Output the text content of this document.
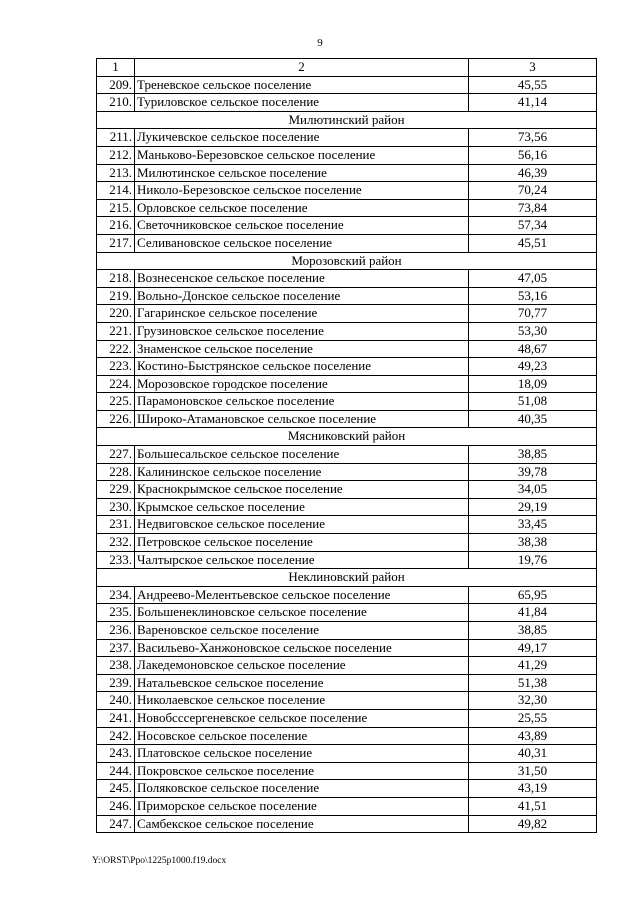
9
1	2	3
209.	Треневское сельское поселение	45,55
210.	Туриловское сельское поселение	41,14
Милютинский район		
211.	Лукичевское сельское поселение	73,56
212.	Маньково-Березовское сельское поселение	56,16
213.	Милютинское сельское поселение	46,39
214.	Николо-Березовское сельское поселение	70,24
215.	Орловское сельское поселение	73,84
216.	Светочниковское сельское поселение	57,34
217.	Селивановское сельское поселение	45,51
Морозовский район		
218.	Вознесенское сельское поселение	47,05
219.	Вольно-Донское сельское поселение	53,16
220.	Гагаринское сельское поселение	70,77
221.	Грузиновское сельское поселение	53,30
222.	Знаменское сельское поселение	48,67
223.	Костино-Быстрянское сельское поселение	49,23
224.	Морозовское городское поселение	18,09
225.	Парамоновское сельское поселение	51,08
226.	Широко-Атамановское сельское поселение	40,35
Мясниковский район		
227.	Большесальское сельское поселение	38,85
228.	Калининское сельское поселение	39,78
229.	Краснокрымское сельское поселение	34,05
230.	Крымское сельское поселение	29,19
231.	Недвиговское сельское поселение	33,45
232.	Петровское сельское поселение	38,38
233.	Чалтырское сельское поселение	19,76
Неклиновский район		
234.	Андреево-Мелентьевское сельское поселение	65,95
235.	Большенеклиновское сельское поселение	41,84
236.	Вареновское сельское поселение	38,85
237.	Васильево-Ханжоновское сельское поселение	49,17
238.	Лакедемоновское сельское поселение	41,29
239.	Натальевское сельское поселение	51,38
240.	Николаевское сельское поселение	32,30
241.	Новобсссергеневское сельское поселение	25,55
242.	Носовское сельское поселение	43,89
243.	Платовское сельское поселение	40,31
244.	Покровское сельское поселение	31,50
245.	Поляковское сельское поселение	43,19
246.	Приморское сельское поселение	41,51
247.	Самбекское сельское поселение	49,82
Y:\ORST\Ppo\1225p1000.f19.docx
